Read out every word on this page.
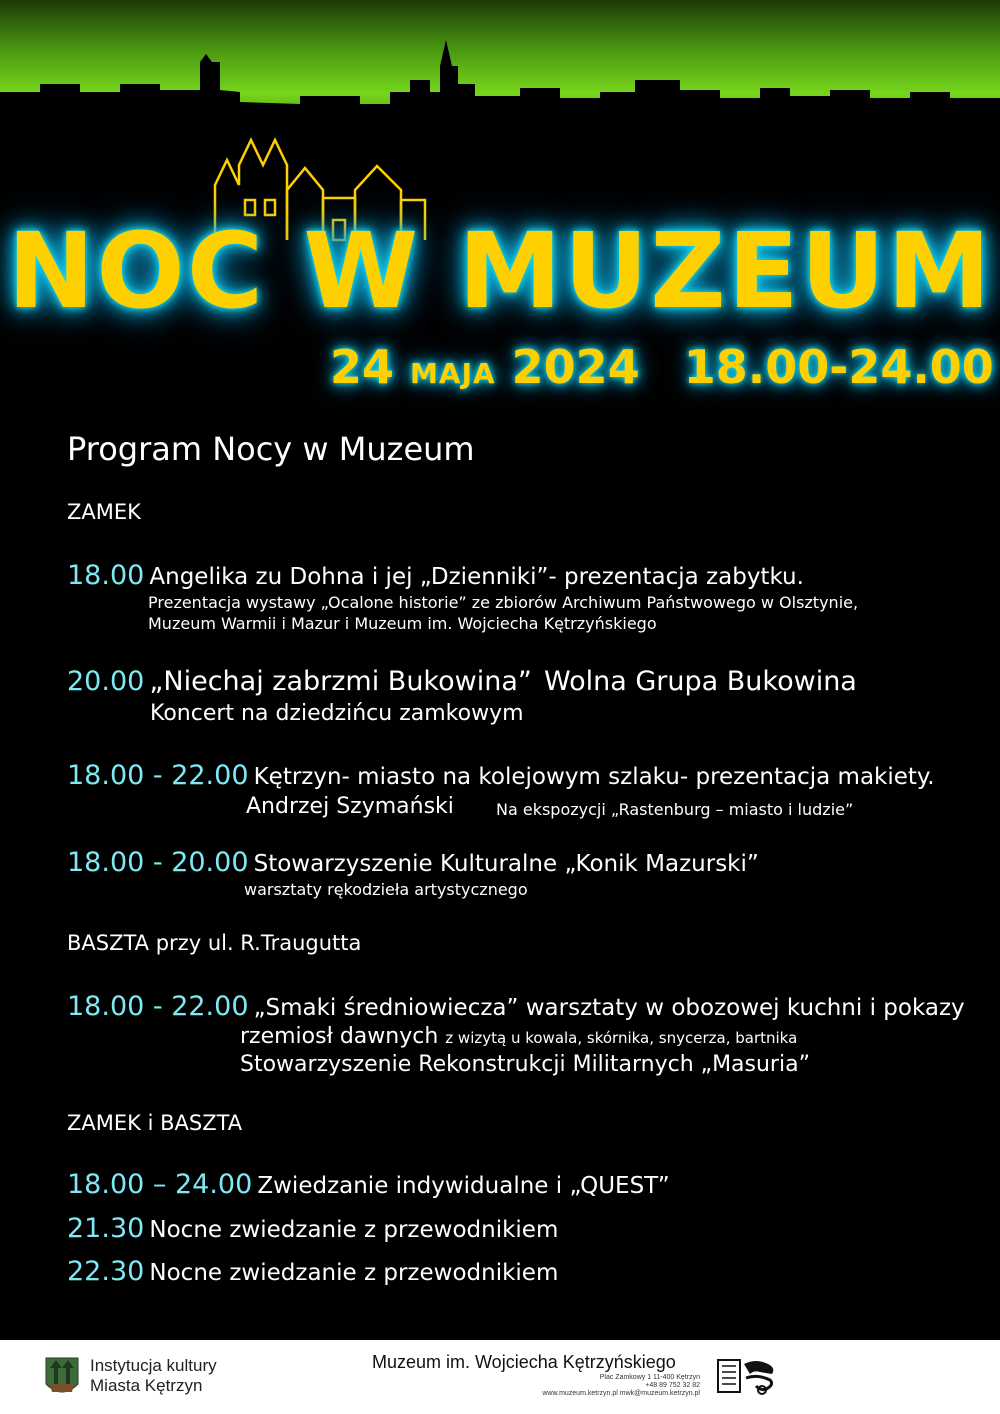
NOC W MUZEUM
24 MAJA 2024 18.00-24.00
Program Nocy w Muzeum
ZAMEK
18.00 Angelika zu Dohna i jej „Dzienniki”- prezentacja zabytku.
Prezentacja wystawy „Ocalone historie” ze zbiorów Archiwum Państwowego w Olsztynie,
Muzeum Warmii i Mazur i Muzeum im. Wojciecha Kętrzyńskiego
20.00 „Niechaj zabrzmi Bukowina” Wolna Grupa Bukowina
Koncert na dziedzińcu zamkowym
18.00 - 22.00 Kętrzyn- miasto na kolejowym szlaku- prezentacja makiety.
Andrzej Szymański	Na ekspozycji „Rastenburg – miasto i ludzie”
18.00 - 20.00 Stowarzyszenie Kulturalne „Konik Mazurski”
warsztaty rękodzieła artystycznego
BASZTA przy ul. R.Traugutta
18.00 - 22.00 „Smaki średniowiecza” warsztaty w obozowej kuchni i pokazy
rzemiosł dawnych z wizytą u kowala, skórnika, snycerza, bartnika
Stowarzyszenie Rekonstrukcji Militarnych „Masuria”
ZAMEK i BASZTA
18.00 – 24.00 Zwiedzanie indywidualne i „QUEST”
21.30 Nocne zwiedzanie z przewodnikiem
22.30 Nocne zwiedzanie z przewodnikiem
Instytucja kultury
Miasta Kętrzyn
Muzeum im. Wojciecha Kętrzyńskiego
Plac Zamkowy 1 11-400 Kętrzyn
+48 89 752 32 82
www.muzeum.ketrzyn.pl mwk@muzeum.ketrzyn.pl
